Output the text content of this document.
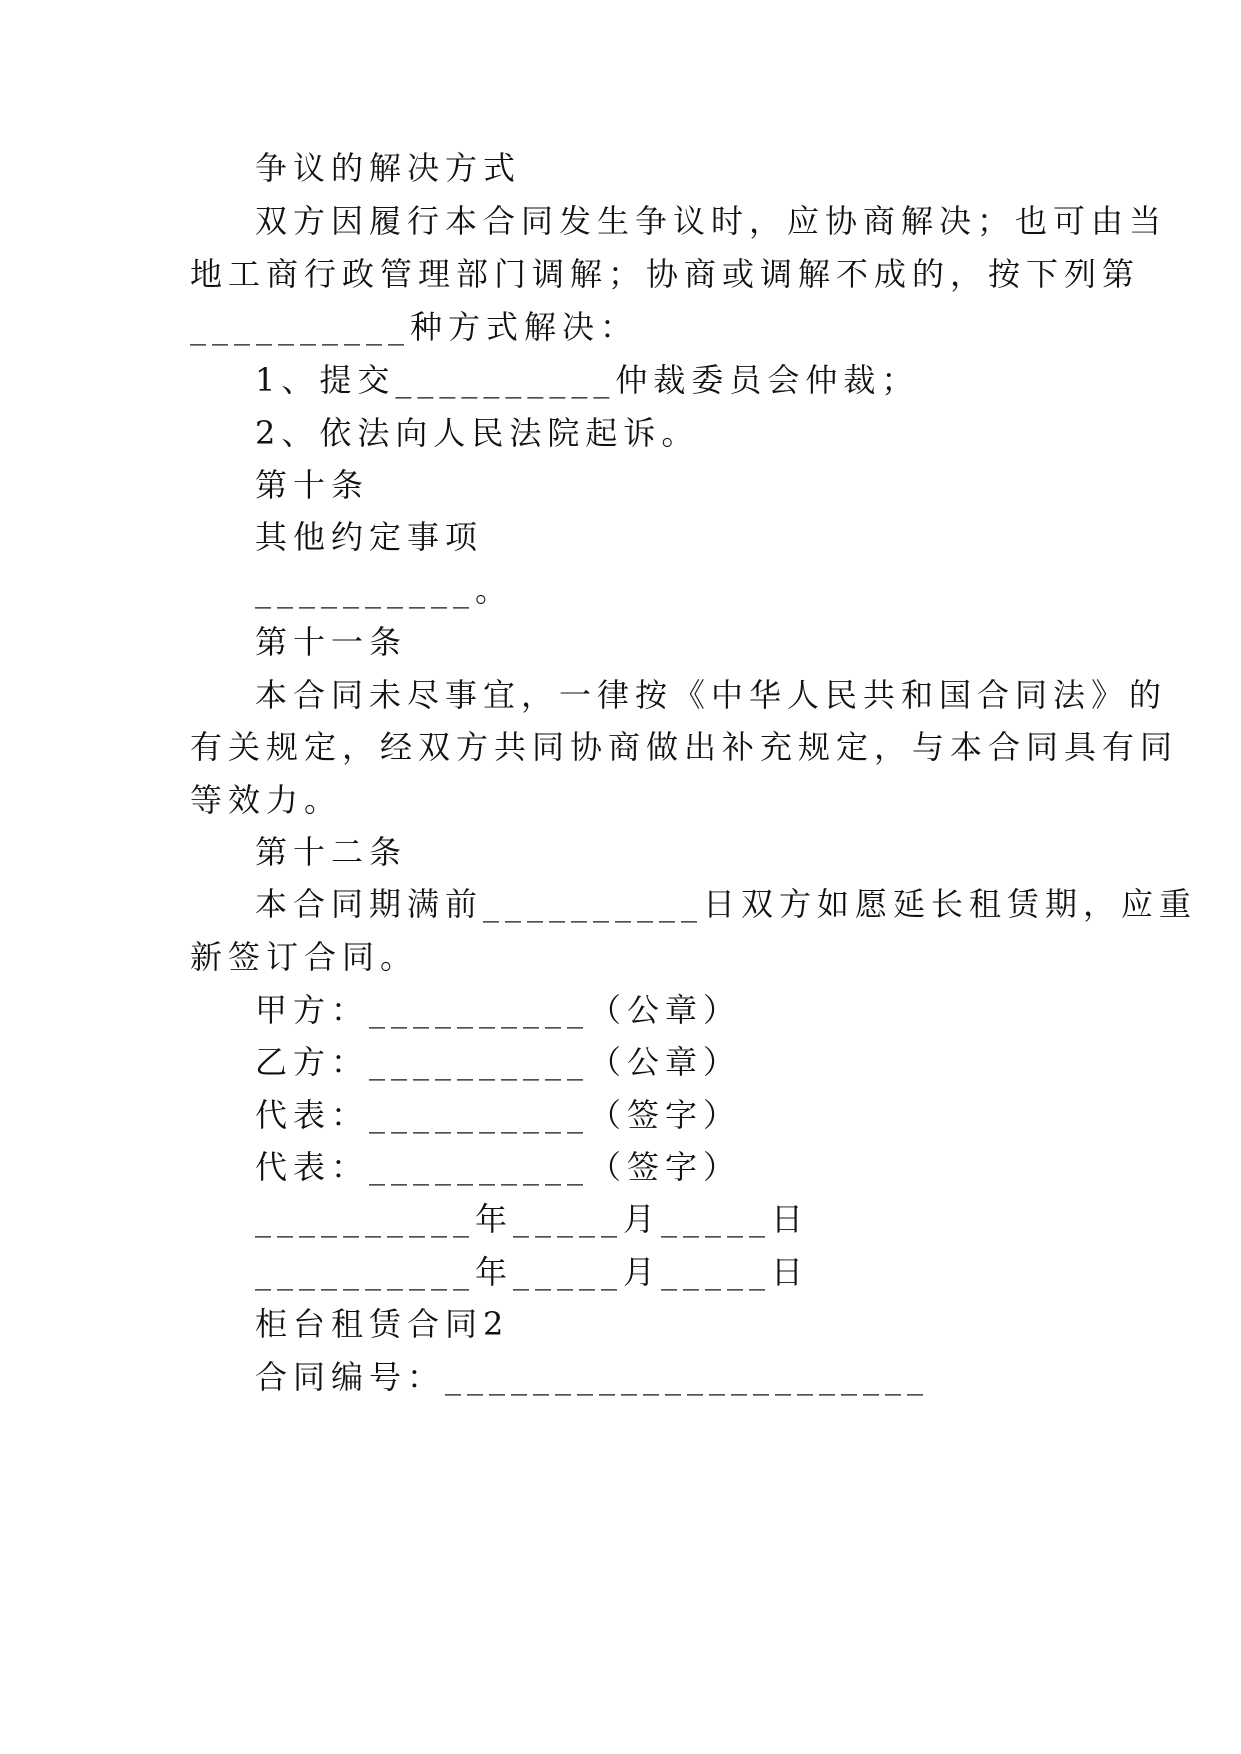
争议的解决方式
双方因履行本合同发生争议时，应协商解决；也可由当
地工商行政管理部门调解；协商或调解不成的，按下列第
__________种方式解决：
1、提交__________仲裁委员会仲裁；
2、依法向人民法院起诉。
第十条
其他约定事项
__________。
第十一条
本合同未尽事宜，一律按《中华人民共和国合同法》的
有关规定，经双方共同协商做出补充规定，与本合同具有同
等效力。
第十二条
本合同期满前__________日双方如愿延长租赁期，应重
新签订合同。
甲方：__________（公章）
乙方：__________（公章）
代表：__________（签字）
代表：__________（签字）
__________年_____月_____日
__________年_____月_____日
柜台租赁合同2
合同编号：______________________
